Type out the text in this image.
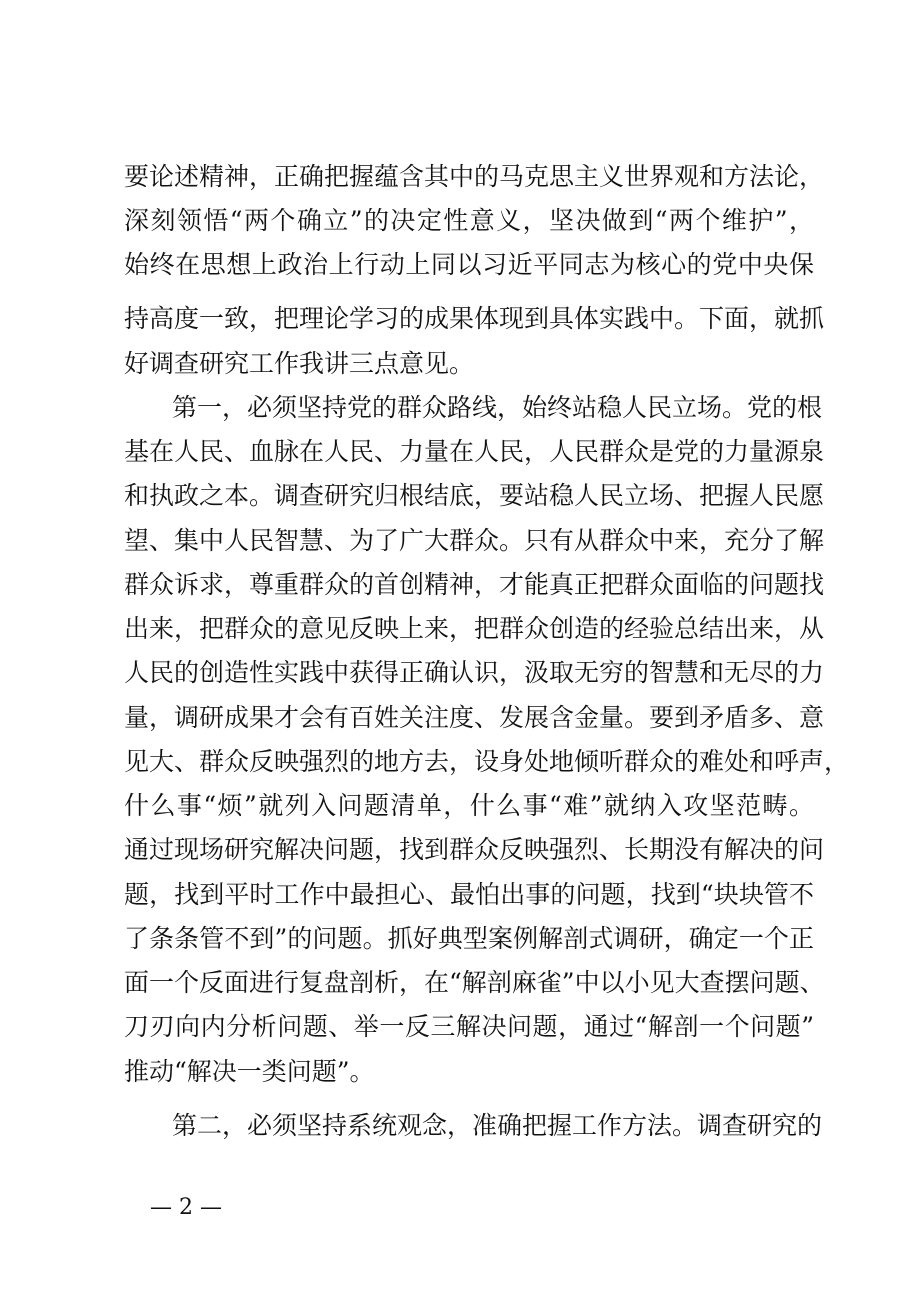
要论述精神，正确把握蕴含其中的马克思主义世界观和方法论，
深刻领悟“两个确立”的决定性意义，坚决做到“两个维护”，
始终在思想上政治上行动上同以习近平同志为核心的党中央保
持高度一致，把理论学习的成果体现到具体实践中。下面，就抓
好调查研究工作我讲三点意见。
第一，必须坚持党的群众路线，始终站稳人民立场。党的根
基在人民、血脉在人民、力量在人民，人民群众是党的力量源泉
和执政之本。调查研究归根结底，要站稳人民立场、把握人民愿
望、集中人民智慧、为了广大群众。只有从群众中来，充分了解
群众诉求，尊重群众的首创精神，才能真正把群众面临的问题找
出来，把群众的意见反映上来，把群众创造的经验总结出来，从
人民的创造性实践中获得正确认识，汲取无穷的智慧和无尽的力
量，调研成果才会有百姓关注度、发展含金量。要到矛盾多、意
见大、群众反映强烈的地方去，设身处地倾听群众的难处和呼声，
什么事“烦”就列入问题清单，什么事“难”就纳入攻坚范畴。
通过现场研究解决问题，找到群众反映强烈、长期没有解决的问
题，找到平时工作中最担心、最怕出事的问题，找到“块块管不
了条条管不到”的问题。抓好典型案例解剖式调研，确定一个正
面一个反面进行复盘剖析，在“解剖麻雀”中以小见大查摆问题、
刀刃向内分析问题、举一反三解决问题，通过“解剖一个问题”
推动“解决一类问题”。
第二，必须坚持系统观念，准确把握工作方法。调查研究的
— 2 —
